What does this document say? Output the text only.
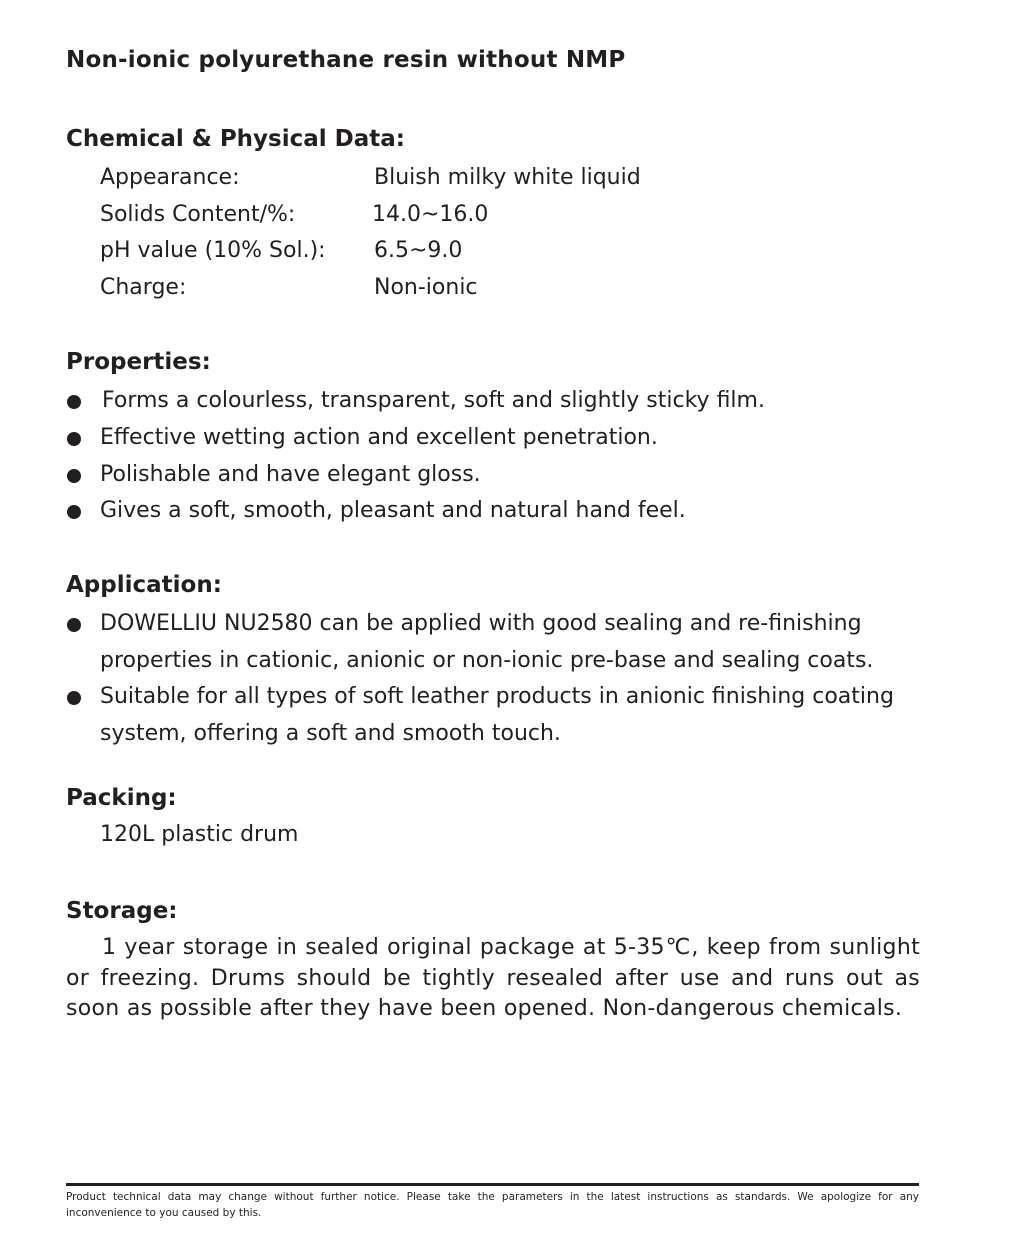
Non-ionic polyurethane resin without NMP
Chemical & Physical Data:
Appearance:	Bluish milky white liquid
Solids Content/%:	14.0~16.0
pH value (10% Sol.): 6.5~9.0
Charge:	Non-ionic
Properties:
Forms a colourless, transparent, soft and slightly sticky film.
Effective wetting action and excellent penetration.
Polishable and have elegant gloss.
Gives a soft, smooth, pleasant and natural hand feel.
Application:
DOWELLIU NU2580 can be applied with good sealing and re-finishing properties in cationic, anionic or non-ionic pre-base and sealing coats.
Suitable for all types of soft leather products in anionic finishing coating system, offering a soft and smooth touch.
Packing:
120L plastic drum
Storage:
1 year storage in sealed original package at 5-35℃, keep from sunlight or freezing. Drums should be tightly resealed after use and runs out as soon as possible after they have been opened. Non-dangerous chemicals.
Product technical data may change without further notice. Please take the parameters in the latest instructions as standards. We apologize for any inconvenience to you caused by this.
